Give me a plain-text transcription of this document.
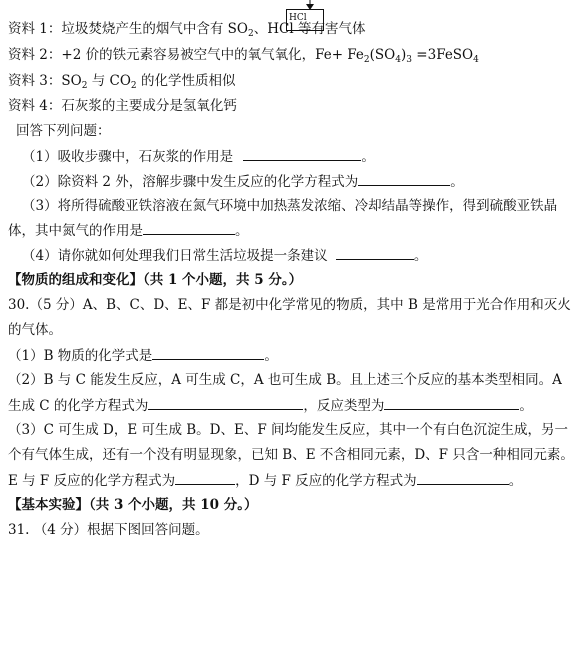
HCl
资料 1：垃圾焚烧产生的烟气中含有 $SO_2$、HCl 等有害气体
资料 2：+2 价的铁元素容易被空气中的氧气氧化，$Fe+ Fe_2(SO_4)_3$ =3FeSO$_4$
资料 3：$SO_2$ 与 $CO_2$ 的化学性质相似
资料 4：石灰浆的主要成分是氢氧化钙
回答下列问题：
（1）吸收步骤中，石灰浆的作用是	。
（2）除资料 2 外，溶解步骤中发生反应的化学方程式为	。
（3）将所得硫酸亚铁溶液在氮气环境中加热蒸发浓缩、冷却结晶等操作，得到硫酸亚铁晶
体，其中氮气的作用是	。
（4）请你就如何处理我们日常生活垃圾提一条建议	。
【物质的组成和变化】（共 1 个小题，共 5 分。）
30.（5 分）A、B、C、D、E、F 都是初中化学常见的物质，其中 B 是常用于光合作用和灭火
的气体。
（1）B 物质的化学式是	。
（2）B 与 C 能发生反应，A 可生成 C，A 也可生成 B。且上述三个反应的基本类型相同。A
生成 C 的化学方程式为	，反应类型为	。
（3）C 可生成 D，E 可生成 B。D、E、F 间均能发生反应，其中一个有白色沉淀生成，另一
个有气体生成，还有一个没有明显现象，已知 B、E 不含相同元素，D、F 只含一种相同元素。
E 与 F 反应的化学方程式为	，D 与 F 反应的化学方程式为	。
【基本实验】（共 3 个小题，共 10 分。）
31. （4 分）根据下图回答问题。
